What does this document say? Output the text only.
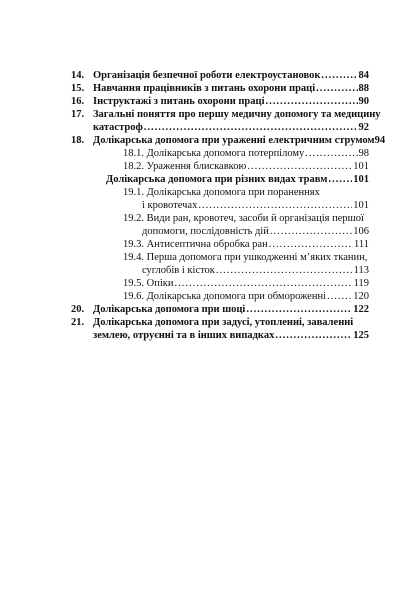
14. Організація безпечної роботи електроустановок .....	84
15. Навчання працівників з питань охорони праці .....	88
16. Інструктажі з питань охорони праці .....	90
17. Загальні поняття про першу медичну допомогу та медицину
катастроф .....	92
18. Долікарська допомога при ураженні електричним струмом 94
18.1. Долікарська допомога потерпілому .....	98
18.2. Ураження блискавкою .....	101
Долікарська допомога при різних видах травм ..... 101
19.1. Долікарська допомога при пораненнях
і кровотечах .....	101
19.2. Види ран, кровотеч, засоби й організація першої
допомоги, послідовність дій .....	106
19.3. Антисептична обробка ран .....	111
19.4. Перша допомога при ушкодженні м’яких тканин,
суглобів і кісток .....	113
19.5. Опіки .....	119
19.6. Долікарська допомога при обмороженні .....	120
20. Долікарська допомога при шоці .....	122
21. Долікарська допомога при задусі, утопленні, заваленні
землею, отруєнні та в інших випадках .....	125
